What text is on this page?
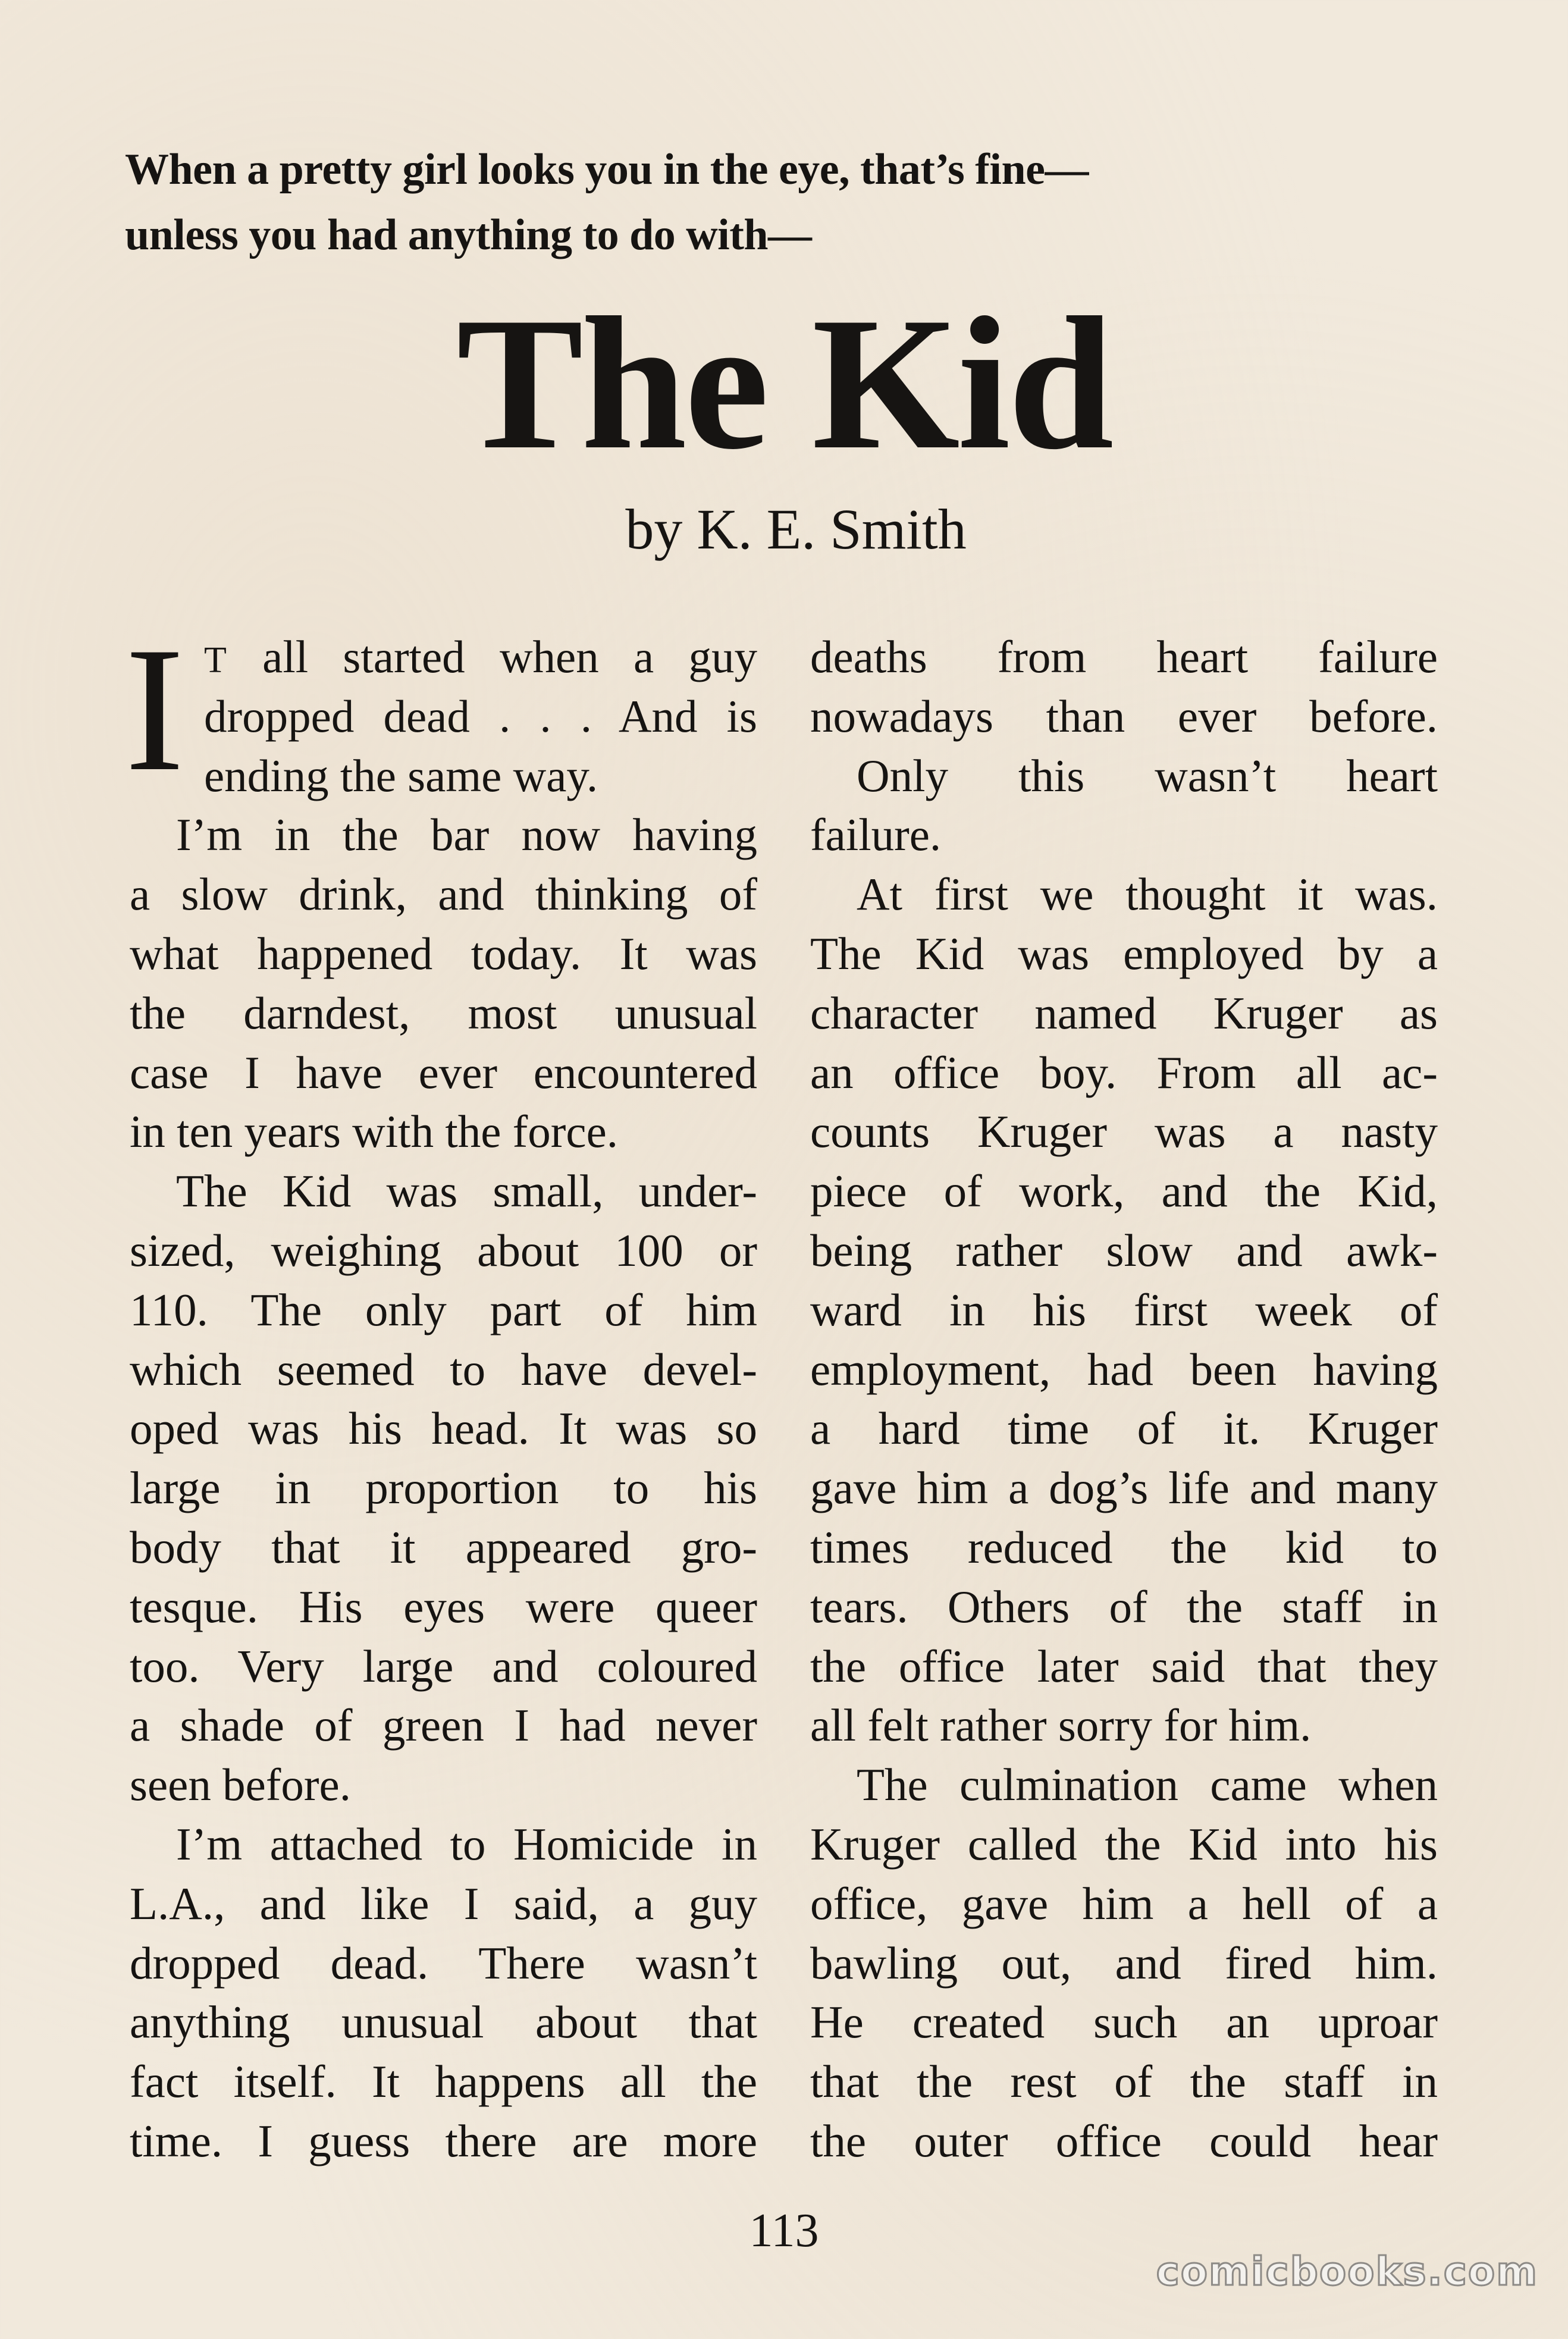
When a pretty girl looks you in the eye, that’s fine—
unless you had anything to do with—
The Kid
by K. E. Smith
I T all started when a guy
dropped dead . . . And is
ending the same way.
I’m in the bar now having
a slow drink, and thinking of
what happened today. It was
the darndest, most unusual
case I have ever encountered
in ten years with the force.
The Kid was small, under-
sized, weighing about 100 or
110. The only part of him
which seemed to have devel-
oped was his head. It was so
large in proportion to his
body that it appeared gro-
tesque. His eyes were queer
too. Very large and coloured
a shade of green I had never
seen before.
I’m attached to Homicide in
L.A., and like I said, a guy
dropped dead. There wasn’t
anything unusual about that
fact itself. It happens all the
time. I guess there are more
deaths from heart failure
nowadays than ever before.
Only this wasn’t heart
failure.
At first we thought it was.
The Kid was employed by a
character named Kruger as
an office boy. From all ac-
counts Kruger was a nasty
piece of work, and the Kid,
being rather slow and awk-
ward in his first week of
employment, had been having
a hard time of it. Kruger
gave him a dog’s life and many
times reduced the kid to
tears. Others of the staff in
the office later said that they
all felt rather sorry for him.
The culmination came when
Kruger called the Kid into his
office, gave him a hell of a
bawling out, and fired him.
He created such an uproar
that the rest of the staff in
the outer office could hear
113
comicbooks.com
